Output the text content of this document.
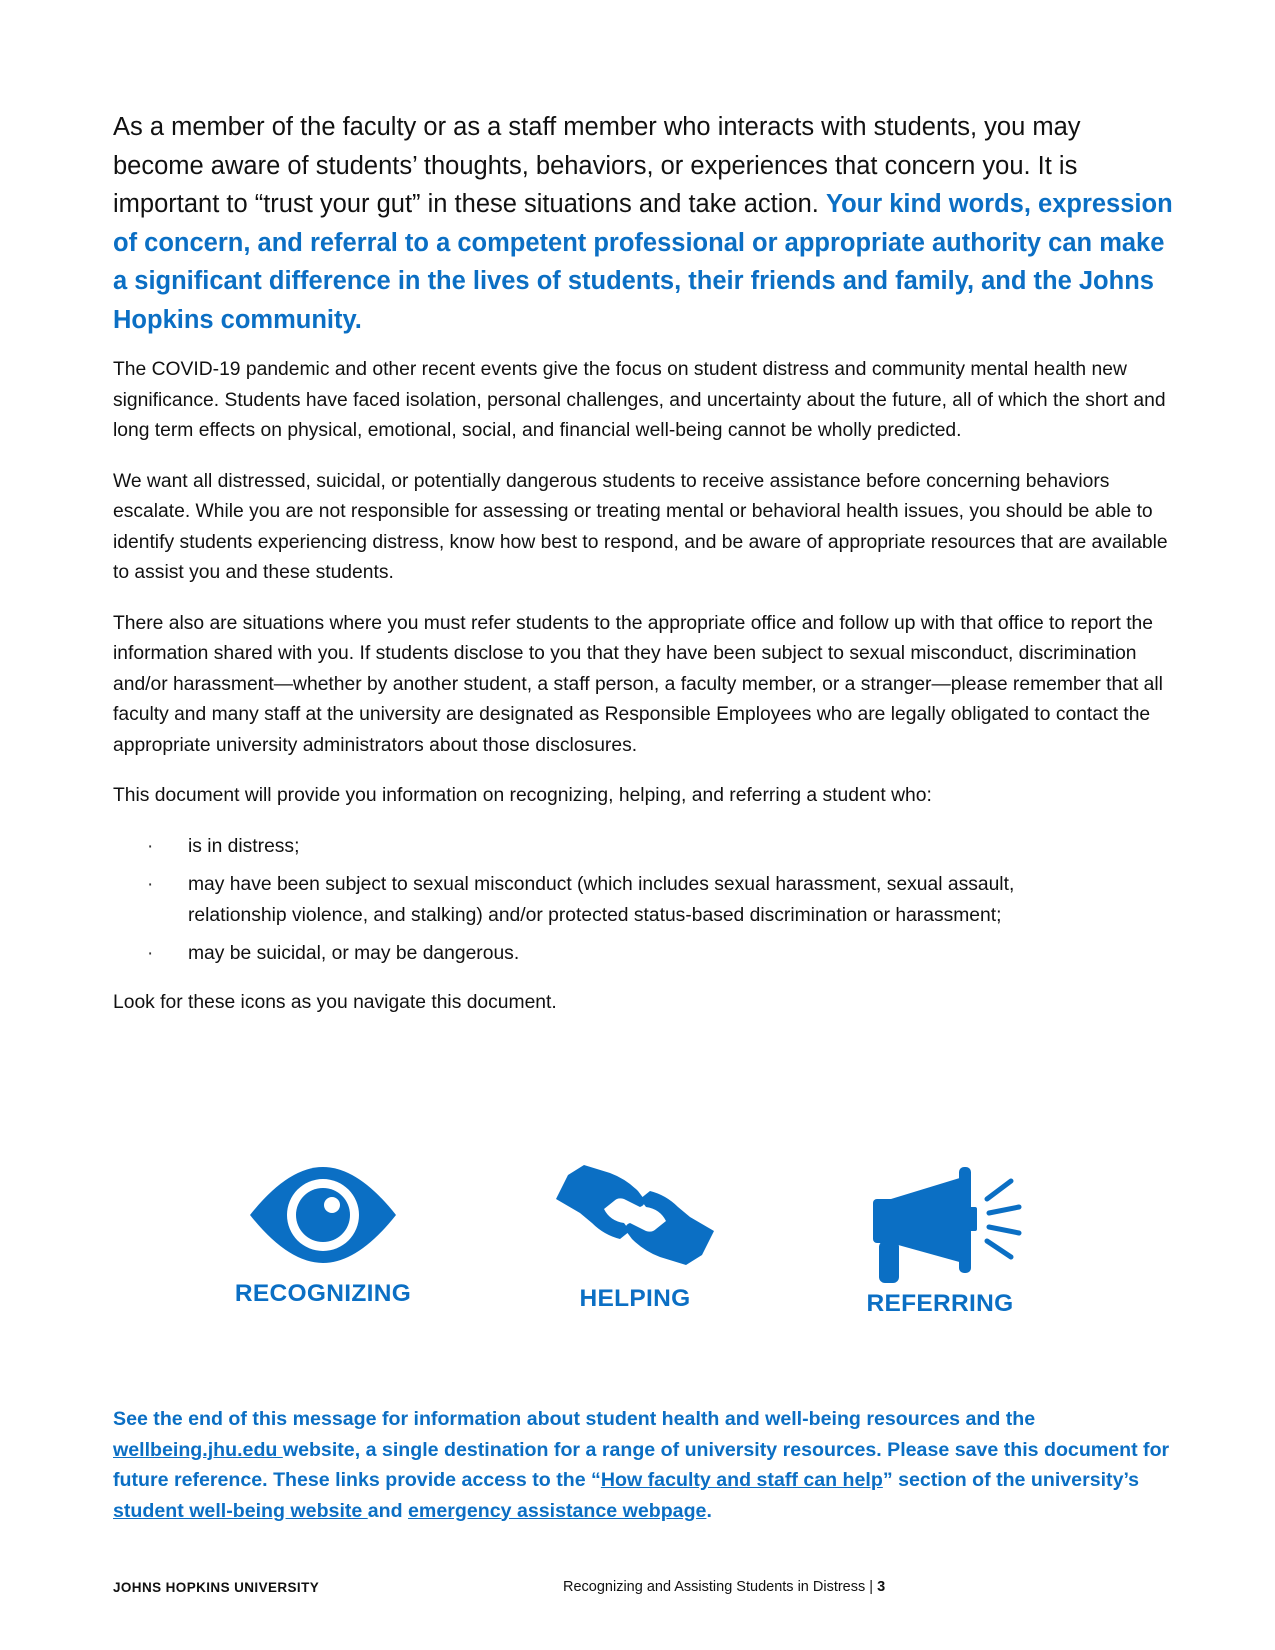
As a member of the faculty or as a staff member who interacts with students, you may become aware of students’ thoughts, behaviors, or experiences that concern you. It is important to “trust your gut” in these situations and take action. Your kind words, expression of concern, and referral to a competent professional or appropriate authority can make a significant difference in the lives of students, their friends and family, and the Johns Hopkins community.

The COVID-19 pandemic and other recent events give the focus on student distress and community mental health new significance. Students have faced isolation, personal challenges, and uncertainty about the future, all of which the short and long term effects on physical, emotional, social, and financial well-being cannot be wholly predicted.

We want all distressed, suicidal, or potentially dangerous students to receive assistance before concerning behaviors escalate. While you are not responsible for assessing or treating mental or behavioral health issues, you should be able to identify students experiencing distress, know how best to respond, and be aware of appropriate resources that are available to assist you and these students.

There also are situations where you must refer students to the appropriate office and follow up with that office to report the information shared with you. If students disclose to you that they have been subject to sexual misconduct, discrimination and/or harassment—whether by another student, a staff person, a faculty member, or a stranger—please remember that all faculty and many staff at the university are designated as Responsible Employees who are legally obligated to contact the appropriate university administrators about those disclosures.

This document will provide you information on recognizing, helping, and referring a student who:

· is in distress;
· may have been subject to sexual misconduct (which includes sexual harassment, sexual assault, relationship violence, and stalking) and/or protected status-based discrimination or harassment;
· may be suicidal, or may be dangerous.

Look for these icons as you navigate this document.

RECOGNIZING	HELPING	REFERRING

See the end of this message for information about student health and well-being resources and the wellbeing.jhu.edu website, a single destination for a range of university resources. Please save this document for future reference. These links provide access to the “How faculty and staff can help” section of the university’s student well-being website and emergency assistance webpage.

JOHNS HOPKINS UNIVERSITY	Recognizing and Assisting Students in Distress | 3
